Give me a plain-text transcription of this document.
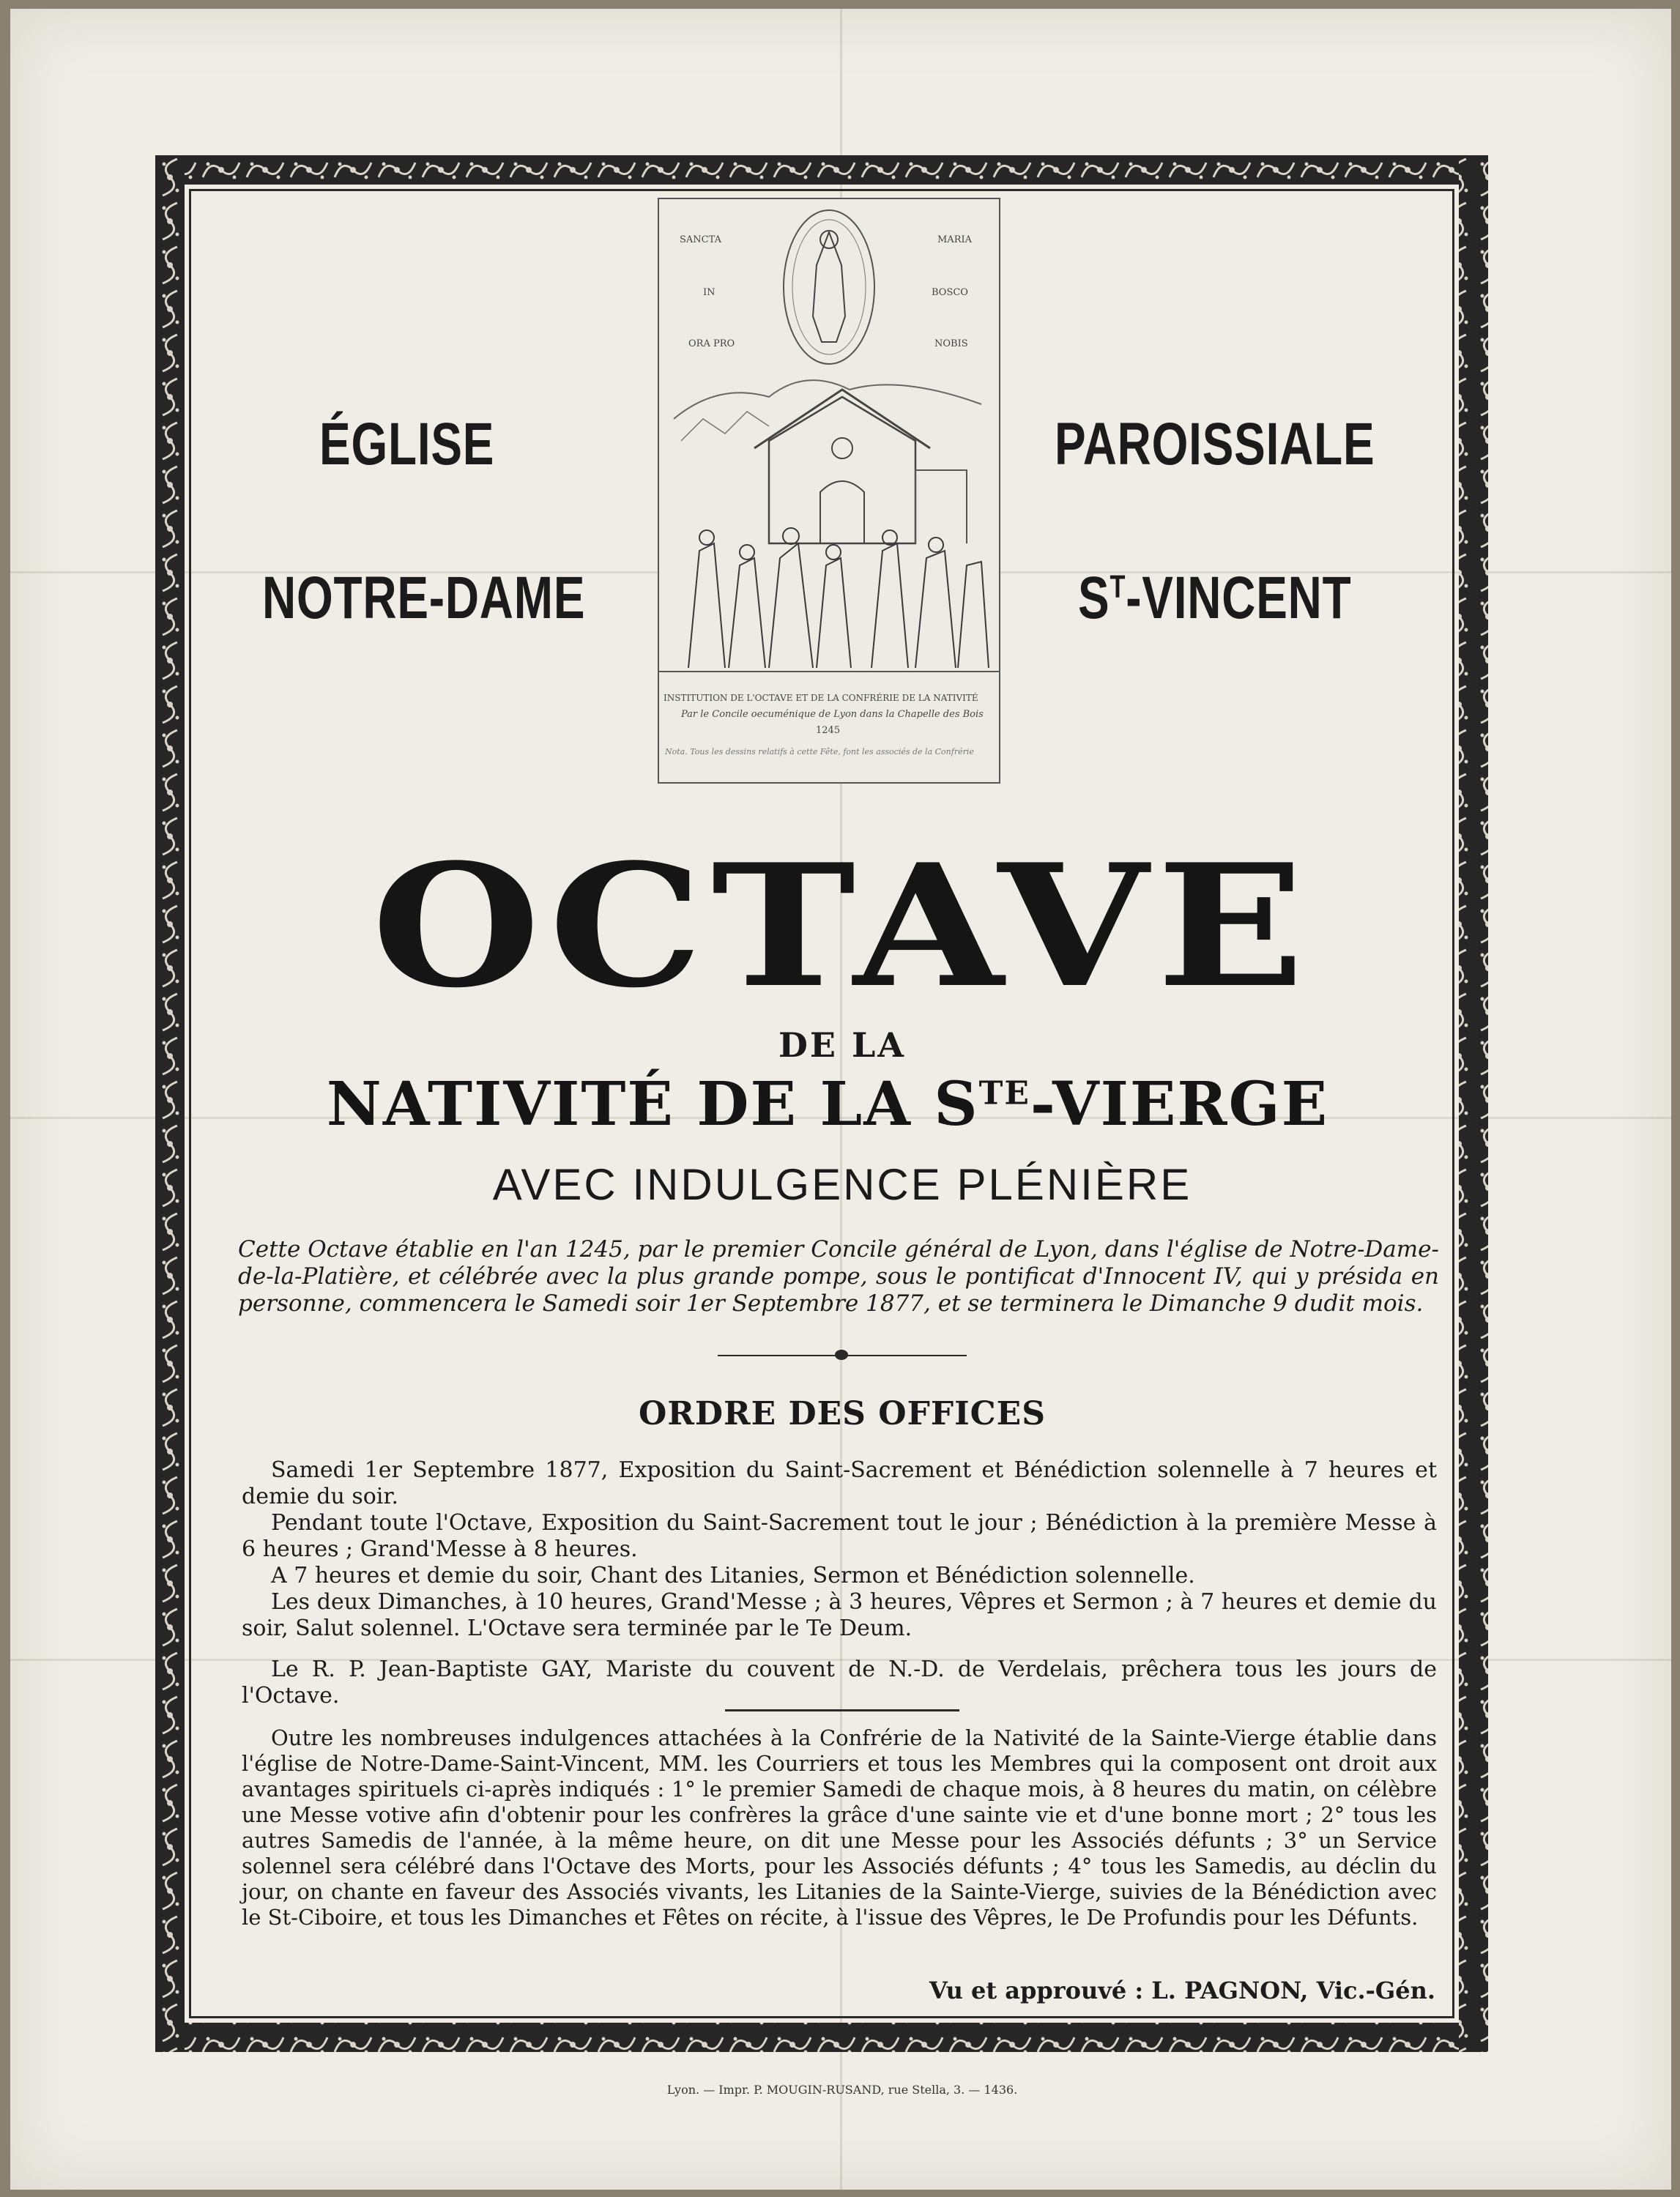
ÉGLISE
NOTRE-DAME
PAROISSIALE
$S^T$-VINCENT
SANCTA	MARIA
IN	BOSCO
ORA PRO	NOBIS
INSTITUTION DE L'OCTAVE ET DE LA CONFRÉRIE DE LA NATIVITÉ
Par le Concile oecuménique de Lyon dans la Chapelle des Bois
1245
Nota. Tous les dessins relatifs à cette Fête, font les associés de la Confrérie
OCTAVE
DE LA
NATIVITÉ DE LA $S^{TE}$-VIERGE
AVEC INDULGENCE PLÉNIÈRE
Cette Octave établie en l'an 1245, par le premier Concile général de Lyon, dans l'église de Notre-Dame-de-la-Platière, et célébrée avec la plus grande pompe, sous le pontificat d'Innocent IV, qui y présida en personne, commencera le Samedi soir 1er Septembre 1877, et se terminera le Dimanche 9 dudit mois.
ORDRE DES OFFICES
Samedi 1er Septembre 1877, Exposition du Saint-Sacrement et Bénédiction solennelle à 7 heures et demie du soir.
Pendant toute l'Octave, Exposition du Saint-Sacrement tout le jour ; Bénédiction à la première Messe à 6 heures ; Grand'Messe à 8 heures.
A 7 heures et demie du soir, Chant des Litanies, Sermon et Bénédiction solennelle.
Les deux Dimanches, à 10 heures, Grand'Messe ; à 3 heures, Vêpres et Sermon ; à 7 heures et demie du soir, Salut solennel. L'Octave sera terminée par le Te Deum.
Le R. P. Jean-Baptiste GAY, Mariste du couvent de N.-D. de Verdelais, prêchera tous les jours de l'Octave.
Outre les nombreuses indulgences attachées à la Confrérie de la Nativité de la Sainte-Vierge établie dans l'église de Notre-Dame-Saint-Vincent, MM. les Courriers et tous les Membres qui la composent ont droit aux avantages spirituels ci-après indiqués : 1° le premier Samedi de chaque mois, à 8 heures du matin, on célèbre une Messe votive afin d'obtenir pour les confrères la grâce d'une sainte vie et d'une bonne mort ; 2° tous les autres Samedis de l'année, à la même heure, on dit une Messe pour les Associés défunts ; 3° un Service solennel sera célébré dans l'Octave des Morts, pour les Associés défunts ; 4° tous les Samedis, au déclin du jour, on chante en faveur des Associés vivants, les Litanies de la Sainte-Vierge, suivies de la Bénédiction avec le St-Ciboire, et tous les Dimanches et Fêtes on récite, à l'issue des Vêpres, le De Profundis pour les Défunts.
Vu et approuvé : L. PAGNON, Vic.-Gén.
Lyon. — Impr. P. MOUGIN-RUSAND, rue Stella, 3. — 1436.
